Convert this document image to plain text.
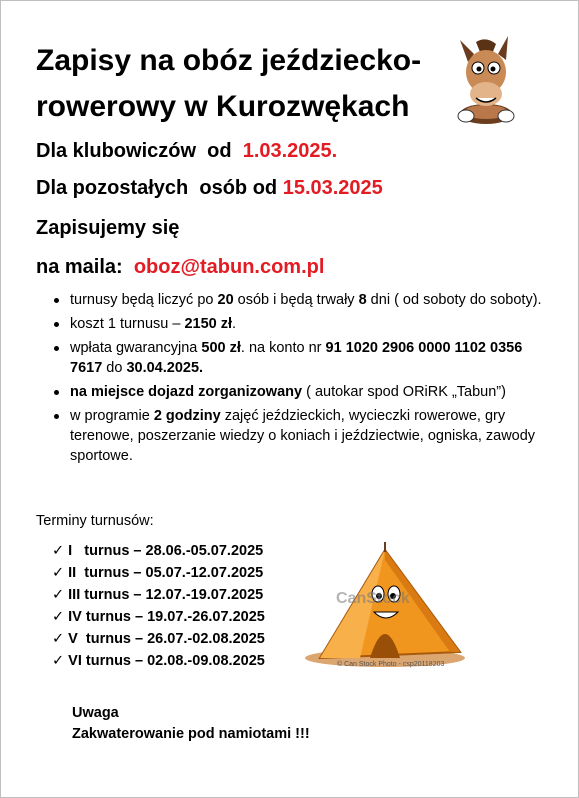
Zapisy na obóz jeździecko-
rowerowy w Kurozwękach
Dla klubowiczów  od 1.03.2025.
Dla pozostałych  osób od 15.03.2025
Zapisujemy się
na maila: oboz@tabun.com.pl
turnusy będą liczyć po 20 osób i będą trwały 8 dni ( od soboty do soboty).
koszt 1 turnusu – 2150 zł.
wpłata gwarancyjna 500 zł. na konto nr 91 1020 2906 0000 1102 0356 7617 do 30.04.2025.
na miejsce dojazd zorganizowany ( autokar spod ORiRK „Tabun”)
w programie 2 godziny zajęć jeździeckich, wycieczki rowerowe, gry terenowe, poszerzanie wiedzy o koniach i jeździectwie, ogniska, zawody sportowe.
Terminy turnusów:
✓ I   turnus – 28.06.-05.07.2025
✓ II  turnus – 05.07.-12.07.2025
✓ III turnus – 12.07.-19.07.2025
✓ IV turnus – 19.07.-26.07.2025
✓ V  turnus – 26.07.-02.08.2025
✓ VI turnus – 02.08.-09.08.2025
CanStock
© Can Stock Photo - csp20118203
Uwaga
Zakwaterowanie pod namiotami !!!
